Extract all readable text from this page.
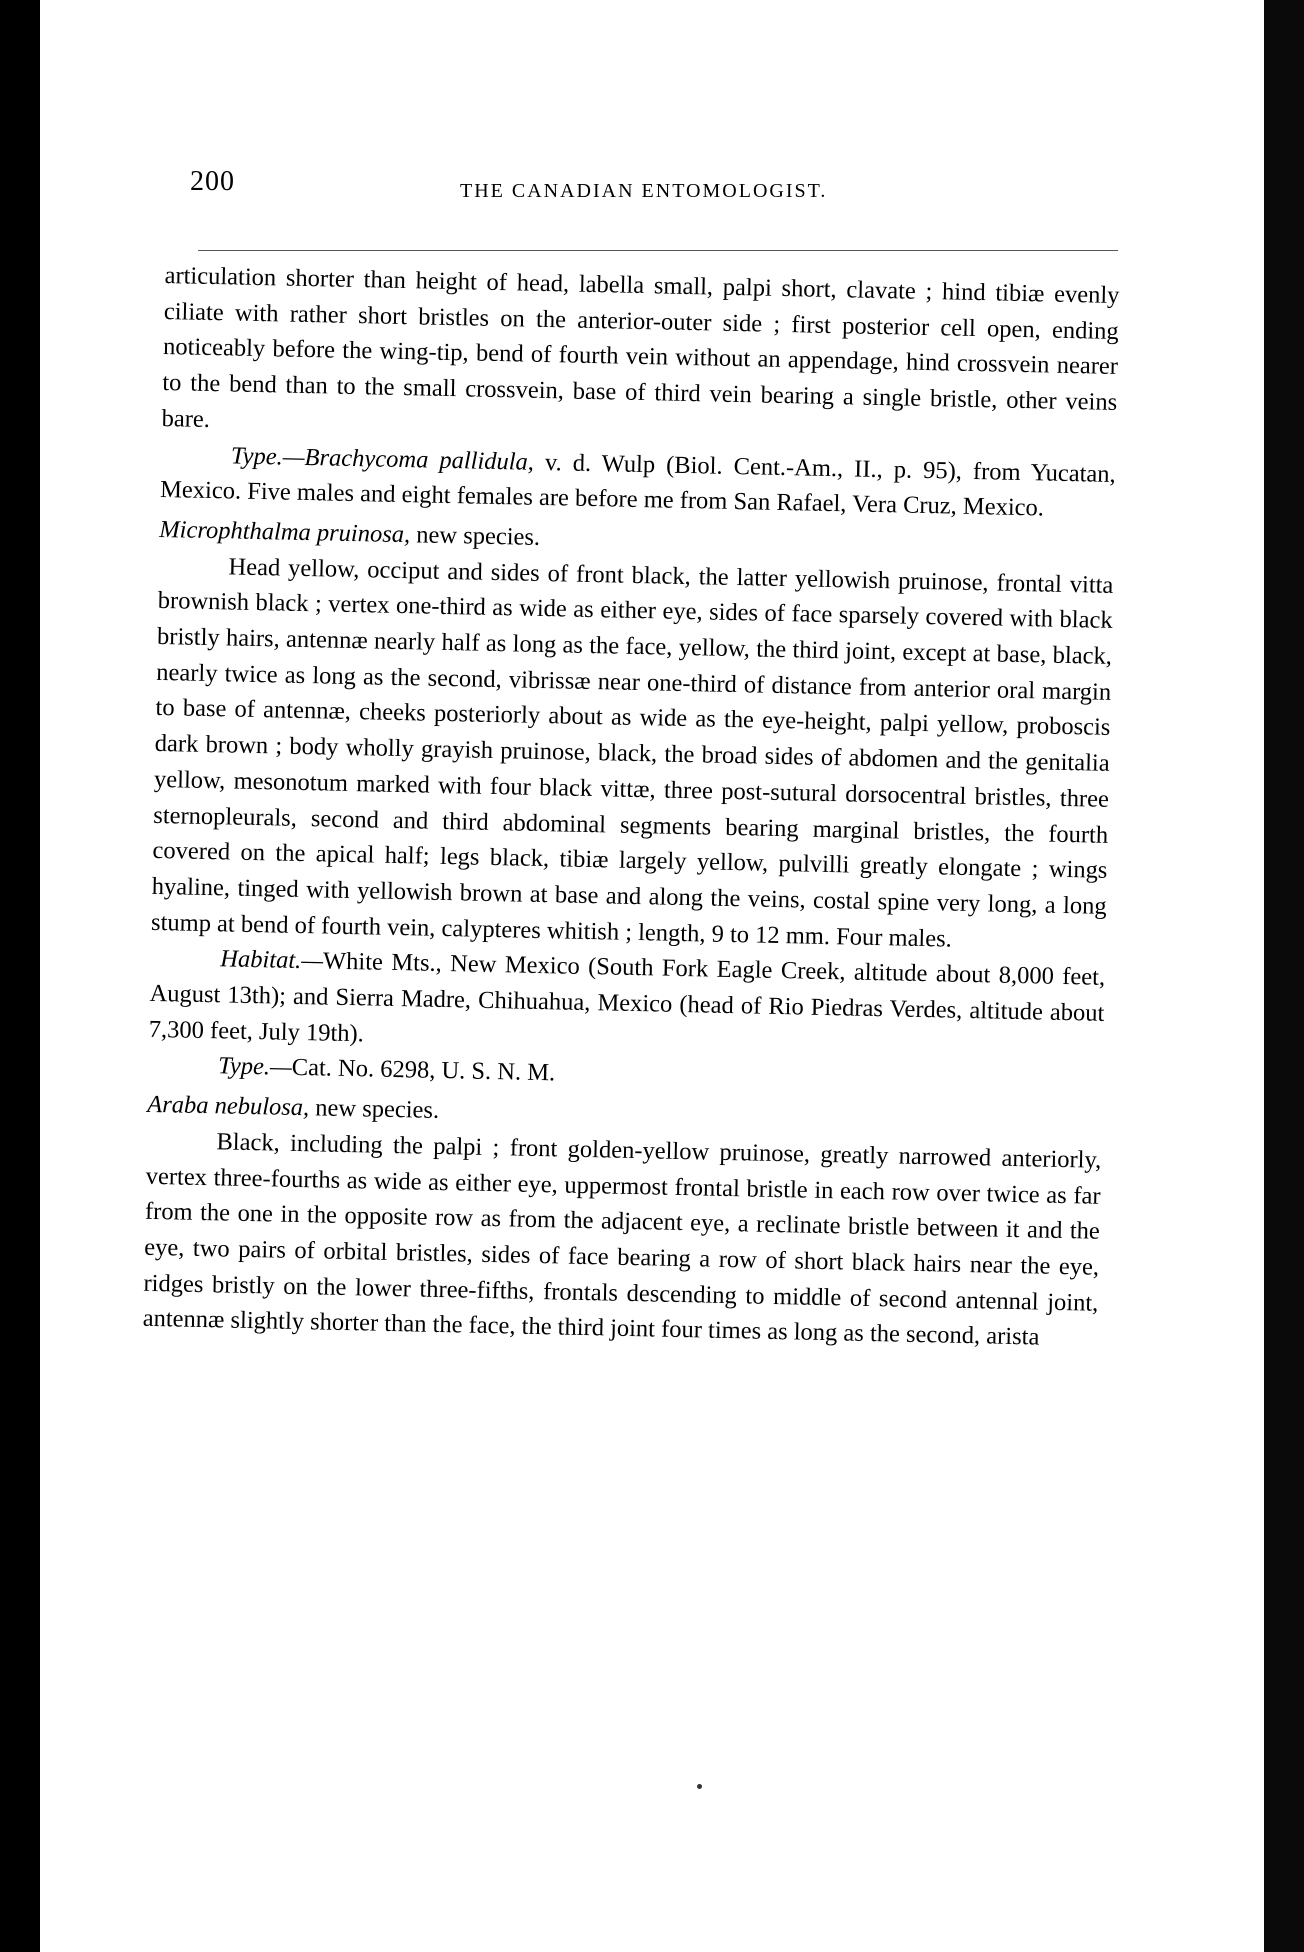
200	THE CANADIAN ENTOMOLOGIST.

articulation shorter than height of head, labella small, palpi short, clavate ; hind tibiæ evenly ciliate with rather short bristles on the anterior-outer side ; first posterior cell open, ending noticeably before the wing-tip, bend of fourth vein without an appendage, hind crossvein nearer to the bend than to the small crossvein, base of third vein bearing a single bristle, other veins bare.

Type.—Brachycoma pallidula, v. d. Wulp (Biol. Cent.-Am., II., p. 95), from Yucatan, Mexico. Five males and eight females are before me from San Rafael, Vera Cruz, Mexico.

Microphthalma pruinosa, new species.

Head yellow, occiput and sides of front black, the latter yellowish pruinose, frontal vitta brownish black ; vertex one-third as wide as either eye, sides of face sparsely covered with black bristly hairs, antennæ nearly half as long as the face, yellow, the third joint, except at base, black, nearly twice as long as the second, vibrissæ near one-third of distance from anterior oral margin to base of antennæ, cheeks posteriorly about as wide as the eye-height, palpi yellow, proboscis dark brown ; body wholly grayish pruinose, black, the broad sides of abdomen and the genitalia yellow, mesonotum marked with four black vittæ, three post-sutural dorsocentral bristles, three sternopleurals, second and third abdominal segments bearing marginal bristles, the fourth covered on the apical half; legs black, tibiæ largely yellow, pulvilli greatly elongate ; wings hyaline, tinged with yellowish brown at base and along the veins, costal spine very long, a long stump at bend of fourth vein, calypteres whitish ; length, 9 to 12 mm. Four males.

Habitat.—White Mts., New Mexico (South Fork Eagle Creek, altitude about 8,000 feet, August 13th); and Sierra Madre, Chihuahua, Mexico (head of Rio Piedras Verdes, altitude about 7,300 feet, July 19th).

Type.—Cat. No. 6298, U. S. N. M.

Araba nebulosa, new species.

Black, including the palpi ; front golden-yellow pruinose, greatly narrowed anteriorly, vertex three-fourths as wide as either eye, uppermost frontal bristle in each row over twice as far from the one in the opposite row as from the adjacent eye, a reclinate bristle between it and the eye, two pairs of orbital bristles, sides of face bearing a row of short black hairs near the eye, ridges bristly on the lower three-fifths, frontals descending to middle of second antennal joint, antennæ slightly shorter than the face, the third joint four times as long as the second, arista
